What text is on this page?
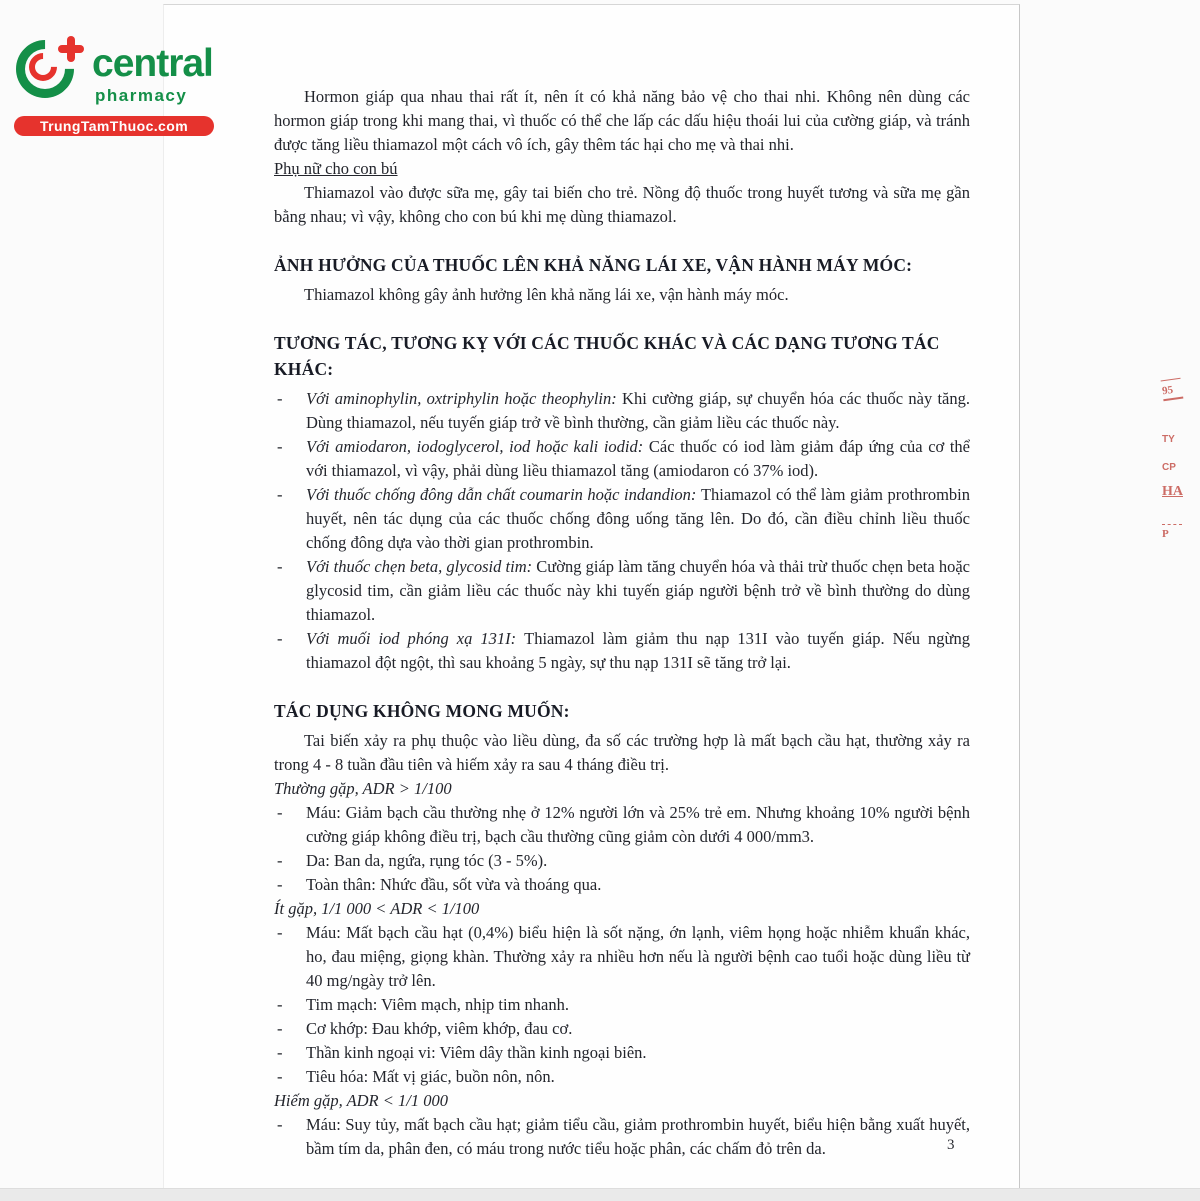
Hormon giáp qua nhau thai rất ít, nên ít có khả năng bảo vệ cho thai nhi. Không nên dùng các hormon giáp trong khi mang thai, vì thuốc có thể che lấp các dấu hiệu thoái lui của cường giáp, và tránh được tăng liều thiamazol một cách vô ích, gây thêm tác hại cho mẹ và thai nhi.
Phụ nữ cho con bú
Thiamazol vào được sữa mẹ, gây tai biến cho trẻ. Nồng độ thuốc trong huyết tương và sữa mẹ gần bằng nhau; vì vậy, không cho con bú khi mẹ dùng thiamazol.
ẢNH HƯỞNG CỦA THUỐC LÊN KHẢ NĂNG LÁI XE, VẬN HÀNH MÁY MÓC:
Thiamazol không gây ảnh hưởng lên khả năng lái xe, vận hành máy móc.
TƯƠNG TÁC, TƯƠNG KỴ VỚI CÁC THUỐC KHÁC VÀ CÁC DẠNG TƯƠNG TÁC KHÁC:
- Với aminophylin, oxtriphylin hoặc theophylin: Khi cường giáp, sự chuyển hóa các thuốc này tăng. Dùng thiamazol, nếu tuyến giáp trở về bình thường, cần giảm liều các thuốc này.
- Với amiodaron, iodoglycerol, iod hoặc kali iodid: Các thuốc có iod làm giảm đáp ứng của cơ thể với thiamazol, vì vậy, phải dùng liều thiamazol tăng (amiodaron có 37% iod).
- Với thuốc chống đông dẫn chất coumarin hoặc indandion: Thiamazol có thể làm giảm prothrombin huyết, nên tác dụng của các thuốc chống đông uống tăng lên. Do đó, cần điều chỉnh liều thuốc chống đông dựa vào thời gian prothrombin.
- Với thuốc chẹn beta, glycosid tim: Cường giáp làm tăng chuyển hóa và thải trừ thuốc chẹn beta hoặc glycosid tim, cần giảm liều các thuốc này khi tuyến giáp người bệnh trở về bình thường do dùng thiamazol.
- Với muối iod phóng xạ 131I: Thiamazol làm giảm thu nạp 131I vào tuyến giáp. Nếu ngừng thiamazol đột ngột, thì sau khoảng 5 ngày, sự thu nạp 131I sẽ tăng trở lại.
TÁC DỤNG KHÔNG MONG MUỐN:
Tai biến xảy ra phụ thuộc vào liều dùng, đa số các trường hợp là mất bạch cầu hạt, thường xảy ra trong 4 - 8 tuần đầu tiên và hiếm xảy ra sau 4 tháng điều trị.
Thường gặp, ADR > 1/100
- Máu: Giảm bạch cầu thường nhẹ ở 12% người lớn và 25% trẻ em. Nhưng khoảng 10% người bệnh cường giáp không điều trị, bạch cầu thường cũng giảm còn dưới 4 000/mm3.
- Da: Ban da, ngứa, rụng tóc (3 - 5%).
- Toàn thân: Nhức đầu, sốt vừa và thoáng qua.
Ít gặp, 1/1 000 < ADR < 1/100
- Máu: Mất bạch cầu hạt (0,4%) biểu hiện là sốt nặng, ớn lạnh, viêm họng hoặc nhiễm khuẩn khác, ho, đau miệng, giọng khàn. Thường xảy ra nhiều hơn nếu là người bệnh cao tuổi hoặc dùng liều từ 40 mg/ngày trở lên.
- Tim mạch: Viêm mạch, nhịp tim nhanh.
- Cơ khớp: Đau khớp, viêm khớp, đau cơ.
- Thần kinh ngoại vi: Viêm dây thần kinh ngoại biên.
- Tiêu hóa: Mất vị giác, buồn nôn, nôn.
Hiếm gặp, ADR < 1/1 000
- Máu: Suy tủy, mất bạch cầu hạt; giảm tiểu cầu, giảm prothrombin huyết, biểu hiện bằng xuất huyết, bầm tím da, phân đen, có máu trong nước tiểu hoặc phân, các chấm đỏ trên da.
95
TY
CP
HA
P
3
central
pharmacy
TrungTamThuoc.com
